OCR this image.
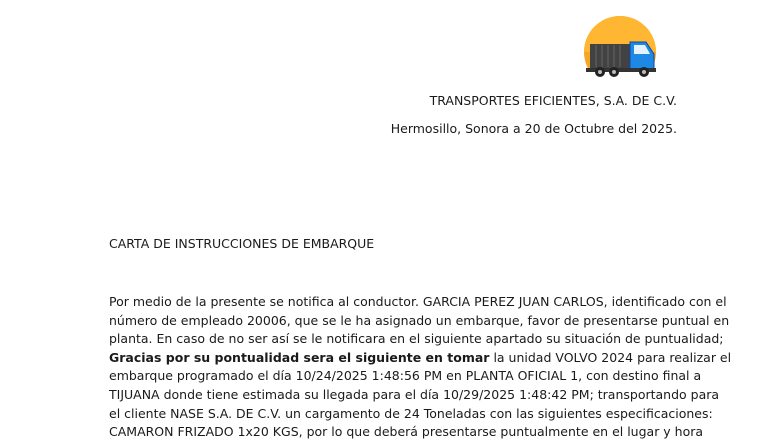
TRANSPORTES EFICIENTES, S.A. DE C.V.
Hermosillo, Sonora a 20 de Octubre del 2025.
CARTA DE INSTRUCCIONES DE EMBARQUE
Por medio de la presente se notifica al conductor. GARCIA PEREZ JUAN CARLOS, identificado con el
número de empleado 20006, que se le ha asignado un embarque, favor de presentarse puntual en
planta. En caso de no ser así se le notificara en el siguiente apartado su situación de puntualidad;
Gracias por su pontualidad sera el siguiente en tomar la unidad VOLVO 2024 para realizar el
embarque programado el día 10/24/2025 1:48:56 PM en PLANTA OFICIAL 1, con destino final a
TIJUANA donde tiene estimada su llegada para el día 10/29/2025 1:48:42 PM; transportando para
el cliente NASE S.A. DE C.V. un cargamento de 24 Toneladas con las siguientes especificaciones:
CAMARON FRIZADO 1x20 KGS, por lo que deberá presentarse puntualmente en el lugar y hora
